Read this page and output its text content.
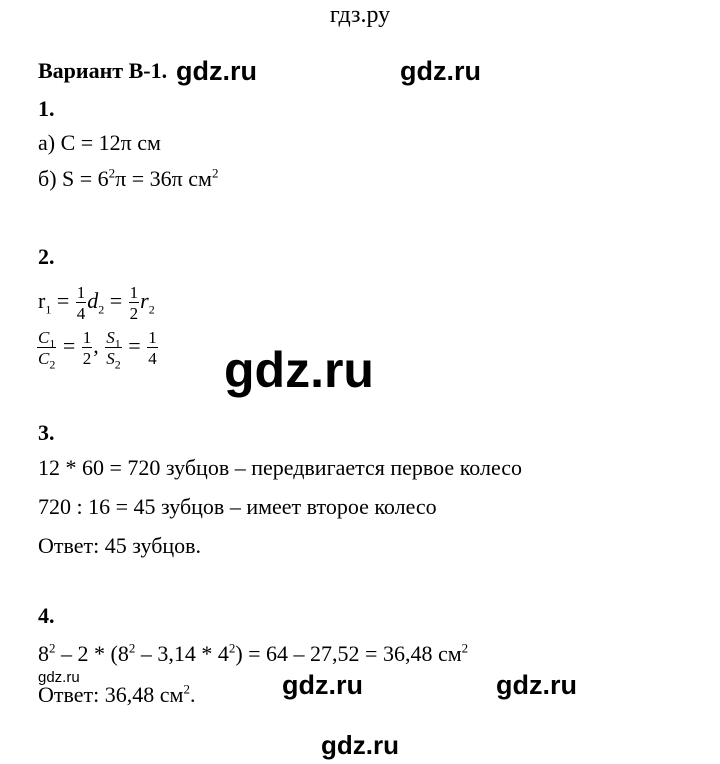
гдз.ру
Вариант В-1. gdz.ru	gdz.ru
1.
а) С = 12π см
б) $S = 6^2\pi = 36\pi$ $см^2$
2.
$r_1 = \frac{1}{4} d_2 = \frac{1}{2} r_2$
$\frac{C_1}{C_2} = \frac{1}{2}$ , $\frac{S_1}{S_2} = \frac{1}{4} gdz.ru$
3.
12 * 60 = 720 зубцов – передвигается первое колесо
720 : 16 = 45 зубцов – имеет второе колесо
Ответ: 45 зубцов.
4.
$8^2 - 2 * (8^2 - 3,14 * 4^2) = 64 - 27,52 = 36,48$ $см^2$
gdz.ru
Ответ: 36,48 $см^2$.	gdz.ru	gdz.ru
gdz.ru
